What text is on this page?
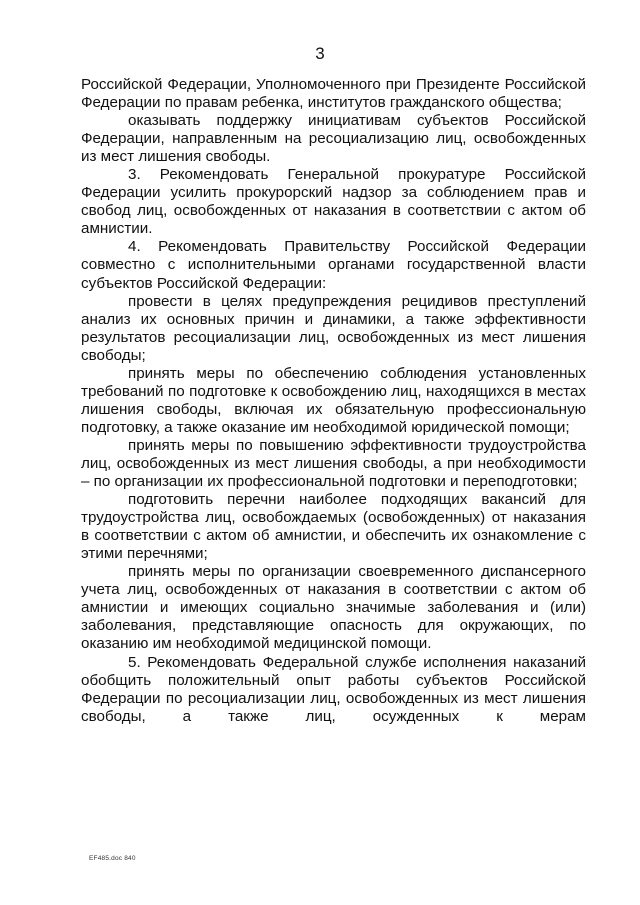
3

Российской Федерации, Уполномоченного при Президенте Российской Федерации по правам ребенка, институтов гражданского общества;

оказывать поддержку инициативам субъектов Российской Федерации, направленным на ресоциализацию лиц, освобожденных из мест лишения свободы.

3. Рекомендовать Генеральной прокуратуре Российской Федерации усилить прокурорский надзор за соблюдением прав и свобод лиц, освобожденных от наказания в соответствии с актом об амнистии.

4. Рекомендовать Правительству Российской Федерации совместно с исполнительными органами государственной власти субъектов Российской Федерации:

провести в целях предупреждения рецидивов преступлений анализ их основных причин и динамики, а также эффективности результатов ресоциализации лиц, освобожденных из мест лишения свободы;

принять меры по обеспечению соблюдения установленных требований по подготовке к освобождению лиц, находящихся в местах лишения свободы, включая их обязательную профессиональную подготовку, а также оказание им необходимой юридической помощи;

принять меры по повышению эффективности трудоустройства лиц, освобожденных из мест лишения свободы, а при необходимости – по организации их профессиональной подготовки и переподготовки;

подготовить перечни наиболее подходящих вакансий для трудоустройства лиц, освобождаемых (освобожденных) от наказания в соответствии с актом об амнистии, и обеспечить их ознакомление с этими перечнями;

принять меры по организации своевременного диспансерного учета лиц, освобожденных от наказания в соответствии с актом об амнистии и имеющих социально значимые заболевания и (или) заболевания, представляющие опасность для окружающих, по оказанию им необходимой медицинской помощи.

5. Рекомендовать Федеральной службе исполнения наказаний обобщить положительный опыт работы субъектов Российской Федерации по ресоциализации лиц, освобожденных из мест лишения свободы, а также лиц, осужденных к мерам

EF485.doc 840
